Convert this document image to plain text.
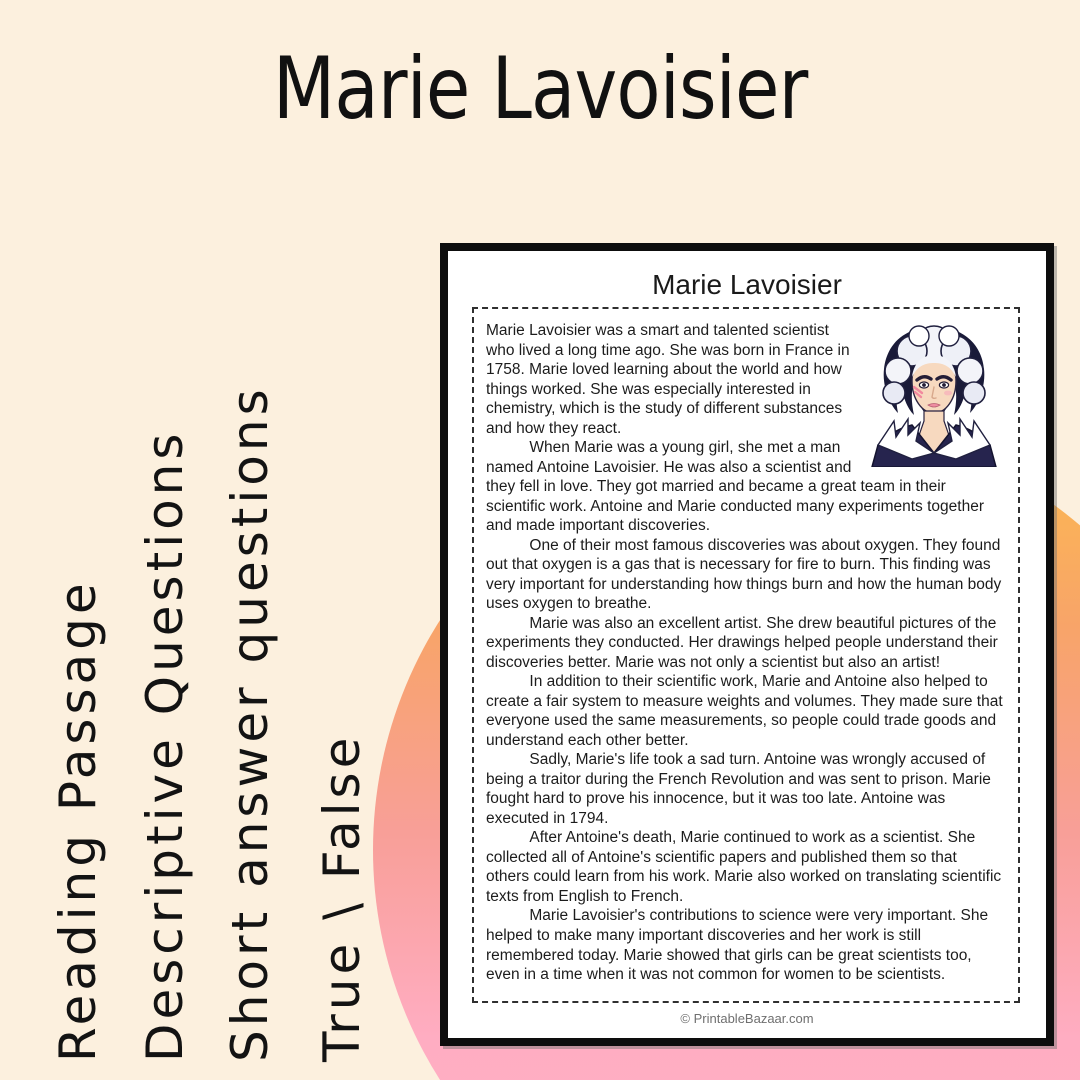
Marie Lavoisier
Reading Passage Descriptive Questions Short answer questions True \ False
Marie Lavoisier

Marie Lavoisier was a smart and talented scientist who lived a long time ago. She was born in France in 1758. Marie loved learning about the world and how things worked. She was especially interested in chemistry, which is the study of different substances and how they react.

When Marie was a young girl, she met a man named Antoine Lavoisier. He was also a scientist and they fell in love. They got married and became a great team in their scientific work. Antoine and Marie conducted many experiments together and made important discoveries.

One of their most famous discoveries was about oxygen. They found out that oxygen is a gas that is necessary for fire to burn. This finding was very important for understanding how things burn and how the human body uses oxygen to breathe.

Marie was also an excellent artist. She drew beautiful pictures of the experiments they conducted. Her drawings helped people understand their discoveries better. Marie was not only a scientist but also an artist!

In addition to their scientific work, Marie and Antoine also helped to create a fair system to measure weights and volumes. They made sure that everyone used the same measurements, so people could trade goods and understand each other better.

Sadly, Marie's life took a sad turn. Antoine was wrongly accused of being a traitor during the French Revolution and was sent to prison. Marie fought hard to prove his innocence, but it was too late. Antoine was executed in 1794.

After Antoine's death, Marie continued to work as a scientist. She collected all of Antoine's scientific papers and published them so that others could learn from his work. Marie also worked on translating scientific texts from English to French.

Marie Lavoisier's contributions to science were very important. She helped to make many important discoveries and her work is still remembered today. Marie showed that girls can be great scientists too, even in a time when it was not common for women to be scientists.

© PrintableBazaar.com
